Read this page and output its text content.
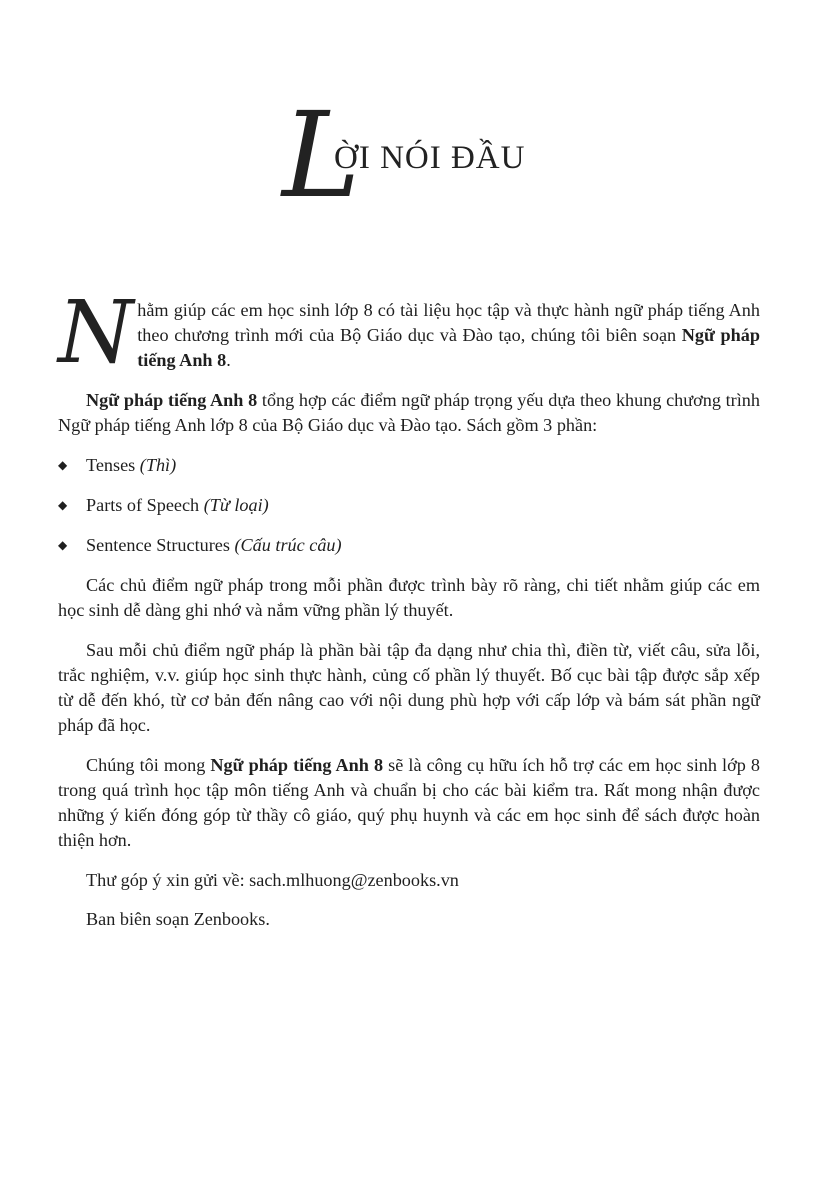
L
ỜI NÓI ĐẦU

Nhằm giúp các em học sinh lớp 8 có tài liệu học tập và thực hành ngữ pháp tiếng Anh theo chương trình mới của Bộ Giáo dục và Đào tạo, chúng tôi biên soạn Ngữ pháp tiếng Anh 8.

Ngữ pháp tiếng Anh 8 tổng hợp các điểm ngữ pháp trọng yếu dựa theo khung chương trình Ngữ pháp tiếng Anh lớp 8 của Bộ Giáo dục và Đào tạo. Sách gồm 3 phần:

◆ Tenses (Thì)
◆ Parts of Speech (Từ loại)
◆ Sentence Structures (Cấu trúc câu)

Các chủ điểm ngữ pháp trong mỗi phần được trình bày rõ ràng, chi tiết nhằm giúp các em học sinh dễ dàng ghi nhớ và nắm vững phần lý thuyết.

Sau mỗi chủ điểm ngữ pháp là phần bài tập đa dạng như chia thì, điền từ, viết câu, sửa lỗi, trắc nghiệm, v.v. giúp học sinh thực hành, củng cố phần lý thuyết. Bố cục bài tập được sắp xếp từ dễ đến khó, từ cơ bản đến nâng cao với nội dung phù hợp với cấp lớp và bám sát phần ngữ pháp đã học.

Chúng tôi mong Ngữ pháp tiếng Anh 8 sẽ là công cụ hữu ích hỗ trợ các em học sinh lớp 8 trong quá trình học tập môn tiếng Anh và chuẩn bị cho các bài kiểm tra. Rất mong nhận được những ý kiến đóng góp từ thầy cô giáo, quý phụ huynh và các em học sinh để sách được hoàn thiện hơn.

Thư góp ý xin gửi về: sach.mlhuong@zenbooks.vn

Ban biên soạn Zenbooks.
